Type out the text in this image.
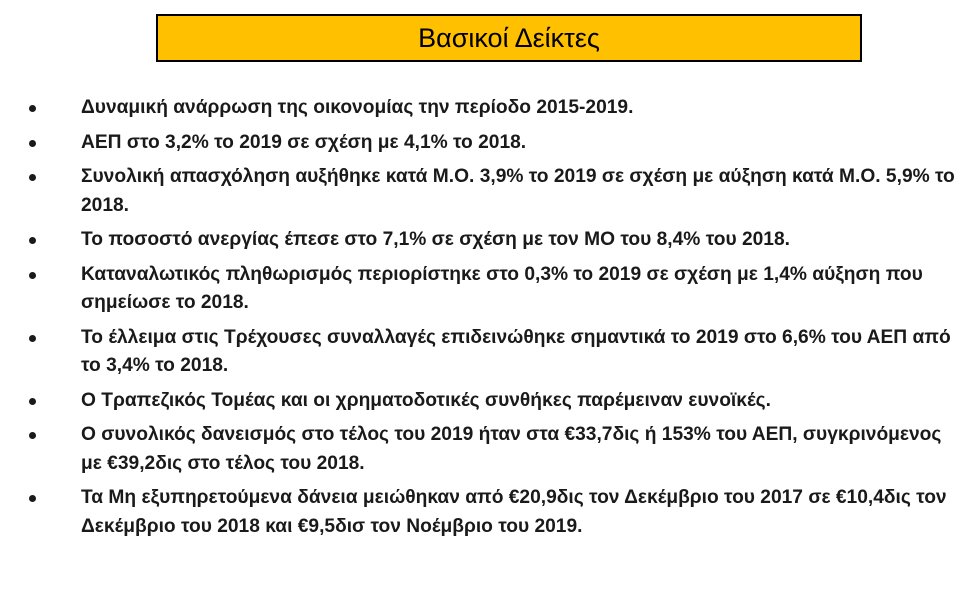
Βασικοί Δείκτες
Δυναμική ανάρρωση της οικονομίας την περίοδο 2015-2019.
ΑΕΠ στο 3,2% το 2019 σε σχέση με 4,1% το 2018.
Συνολική απασχόληση αυξήθηκε κατά Μ.Ο. 3,9% το 2019 σε σχέση με αύξηση κατά Μ.Ο. 5,9% το 2018.
Το ποσοστό ανεργίας έπεσε στο 7,1% σε σχέση με τον ΜΟ του 8,4% του 2018.
Καταναλωτικός πληθωρισμός περιορίστηκε στο 0,3% το 2019 σε σχέση με 1,4% αύξηση που σημείωσε το 2018.
Το έλλειμα στις Τρέχουσες συναλλαγές επιδεινώθηκε σημαντικά το 2019 στο 6,6% του ΑΕΠ από το 3,4% το 2018.
Ο Τραπεζικός Τομέας και οι χρηματοδοτικές συνθήκες παρέμειναν ευνοϊκές.
Ο συνολικός δανεισμός στο τέλος του 2019 ήταν στα €33,7δις ή 153% του ΑΕΠ, συγκρινόμενος με €39,2δις στο τέλος του 2018.
Τα Μη εξυπηρετούμενα δάνεια μειώθηκαν από €20,9δις τον Δεκέμβριο του 2017 σε €10,4δις τον Δεκέμβριο του 2018 και €9,5δισ τον Νοέμβριο του 2019.
